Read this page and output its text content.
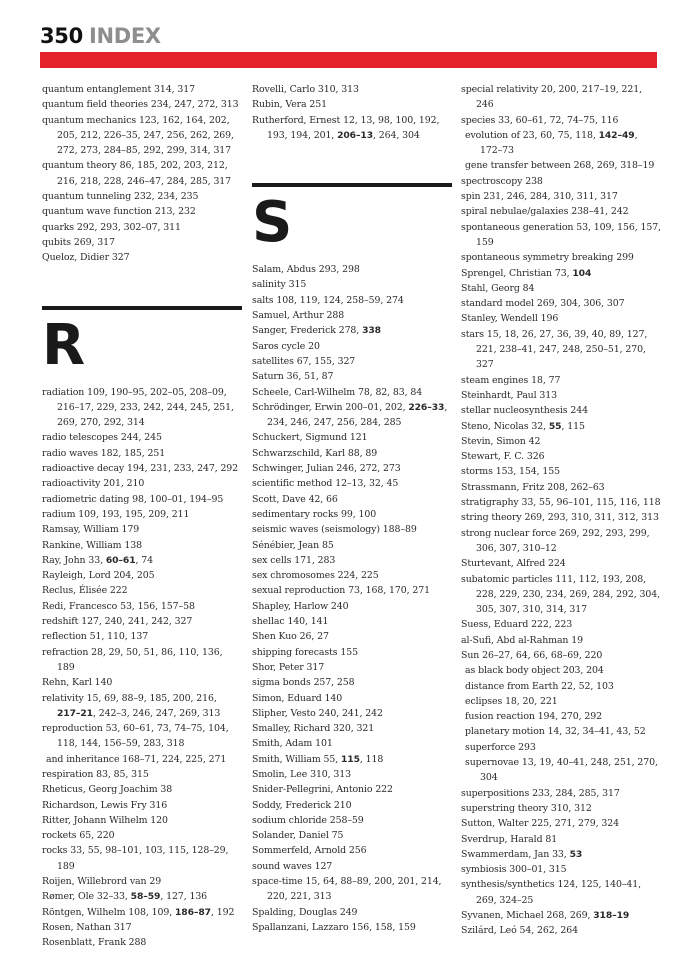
350 INDEX
quantum entanglement 314, 317
quantum field theories 234, 247, 272, 313
quantum mechanics 123, 162, 164, 202, 205, 212, 226–35, 247, 256, 262, 269, 272, 273, 284–85, 292, 299, 314, 317
quantum theory 86, 185, 202, 203, 212, 216, 218, 228, 246–47, 284, 285, 317
quantum tunneling 232, 234, 235
quantum wave function 213, 232
quarks 292, 293, 302–07, 311
qubits 269, 317
Queloz, Didier 327
R
radiation 109, 190–95, 202–05, 208–09, 216–17, 229, 233, 242, 244, 245, 251, 269, 270, 292, 314
radio telescopes 244, 245
radio waves 182, 185, 251
radioactive decay 194, 231, 233, 247, 292
radioactivity 201, 210
radiometric dating 98, 100–01, 194–95
radium 109, 193, 195, 209, 211
Ramsay, William 179
Rankine, William 138
Ray, John 33, 60–61, 74
Rayleigh, Lord 204, 205
Reclus, Élisée 222
Redi, Francesco 53, 156, 157–58
redshift 127, 240, 241, 242, 327
reflection 51, 110, 137
refraction 28, 29, 50, 51, 86, 110, 136, 189
Rehn, Karl 140
relativity 15, 69, 88–9, 185, 200, 216, 217–21, 242–3, 246, 247, 269, 313
reproduction 53, 60–61, 73, 74–75, 104, 118, 144, 156–59, 283, 318
and inheritance 168–71, 224, 225, 271
respiration 83, 85, 315
Rheticus, Georg Joachim 38
Richardson, Lewis Fry 316
Ritter, Johann Wilhelm 120
rockets 65, 220
rocks 33, 55, 98–101, 103, 115, 128–29, 189
Roijen, Willebrord van 29
Rømer, Ole 32–33, 58–59, 127, 136
Röntgen, Wilhelm 108, 109, 186–87, 192
Rosen, Nathan 317
Rosenblatt, Frank 288
Rovelli, Carlo 310, 313
Rubin, Vera 251
Rutherford, Ernest 12, 13, 98, 100, 192, 193, 194, 201, 206–13, 264, 304
S
Salam, Abdus 293, 298
salinity 315
salts 108, 119, 124, 258–59, 274
Samuel, Arthur 288
Sanger, Frederick 278, 338
Saros cycle 20
satellites 67, 155, 327
Saturn 36, 51, 87
Scheele, Carl-Wilhelm 78, 82, 83, 84
Schrödinger, Erwin 200–01, 202, 226–33, 234, 246, 247, 256, 284, 285
Schuckert, Sigmund 121
Schwarzschild, Karl 88, 89
Schwinger, Julian 246, 272, 273
scientific method 12–13, 32, 45
Scott, Dave 42, 66
sedimentary rocks 99, 100
seismic waves (seismology) 188–89
Sénébier, Jean 85
sex cells 171, 283
sex chromosomes 224, 225
sexual reproduction 73, 168, 170, 271
Shapley, Harlow 240
shellac 140, 141
Shen Kuo 26, 27
shipping forecasts 155
Shor, Peter 317
sigma bonds 257, 258
Simon, Eduard 140
Slipher, Vesto 240, 241, 242
Smalley, Richard 320, 321
Smith, Adam 101
Smith, William 55, 115, 118
Smolin, Lee 310, 313
Snider-Pellegrini, Antonio 222
Soddy, Frederick 210
sodium chloride 258–59
Solander, Daniel 75
Sommerfeld, Arnold 256
sound waves 127
space-time 15, 64, 88–89, 200, 201, 214, 220, 221, 313
Spalding, Douglas 249
Spallanzani, Lazzaro 156, 158, 159
special relativity 20, 200, 217–19, 221, 246
species 33, 60–61, 72, 74–75, 116
evolution of 23, 60, 75, 118, 142–49, 172–73
gene transfer between 268, 269, 318–19
spectroscopy 238
spin 231, 246, 284, 310, 311, 317
spiral nebulae/galaxies 238–41, 242
spontaneous generation 53, 109, 156, 157, 159
spontaneous symmetry breaking 299
Sprengel, Christian 73, 104
Stahl, Georg 84
standard model 269, 304, 306, 307
Stanley, Wendell 196
stars 15, 18, 26, 27, 36, 39, 40, 89, 127, 221, 238–41, 247, 248, 250–51, 270, 327
steam engines 18, 77
Steinhardt, Paul 313
stellar nucleosynthesis 244
Steno, Nicolas 32, 55, 115
Stevin, Simon 42
Stewart, F. C. 326
storms 153, 154, 155
Strassmann, Fritz 208, 262–63
stratigraphy 33, 55, 96–101, 115, 116, 118
string theory 269, 293, 310, 311, 312, 313
strong nuclear force 269, 292, 293, 299, 306, 307, 310–12
Sturtevant, Alfred 224
subatomic particles 111, 112, 193, 208, 228, 229, 230, 234, 269, 284, 292, 304, 305, 307, 310, 314, 317
Suess, Eduard 222, 223
al-Sufi, Abd al-Rahman 19
Sun 26–27, 64, 66, 68–69, 220
as black body object 203, 204
distance from Earth 22, 52, 103
eclipses 18, 20, 221
fusion reaction 194, 270, 292
planetary motion 14, 32, 34–41, 43, 52
superforce 293
supernovae 13, 19, 40–41, 248, 251, 270, 304
superpositions 233, 284, 285, 317
superstring theory 310, 312
Sutton, Walter 225, 271, 279, 324
Sverdrup, Harald 81
Swammerdam, Jan 33, 53
symbiosis 300–01, 315
synthesis/synthetics 124, 125, 140–41, 269, 324–25
Syvanen, Michael 268, 269, 318–19
Szilárd, Leó 54, 262, 264
